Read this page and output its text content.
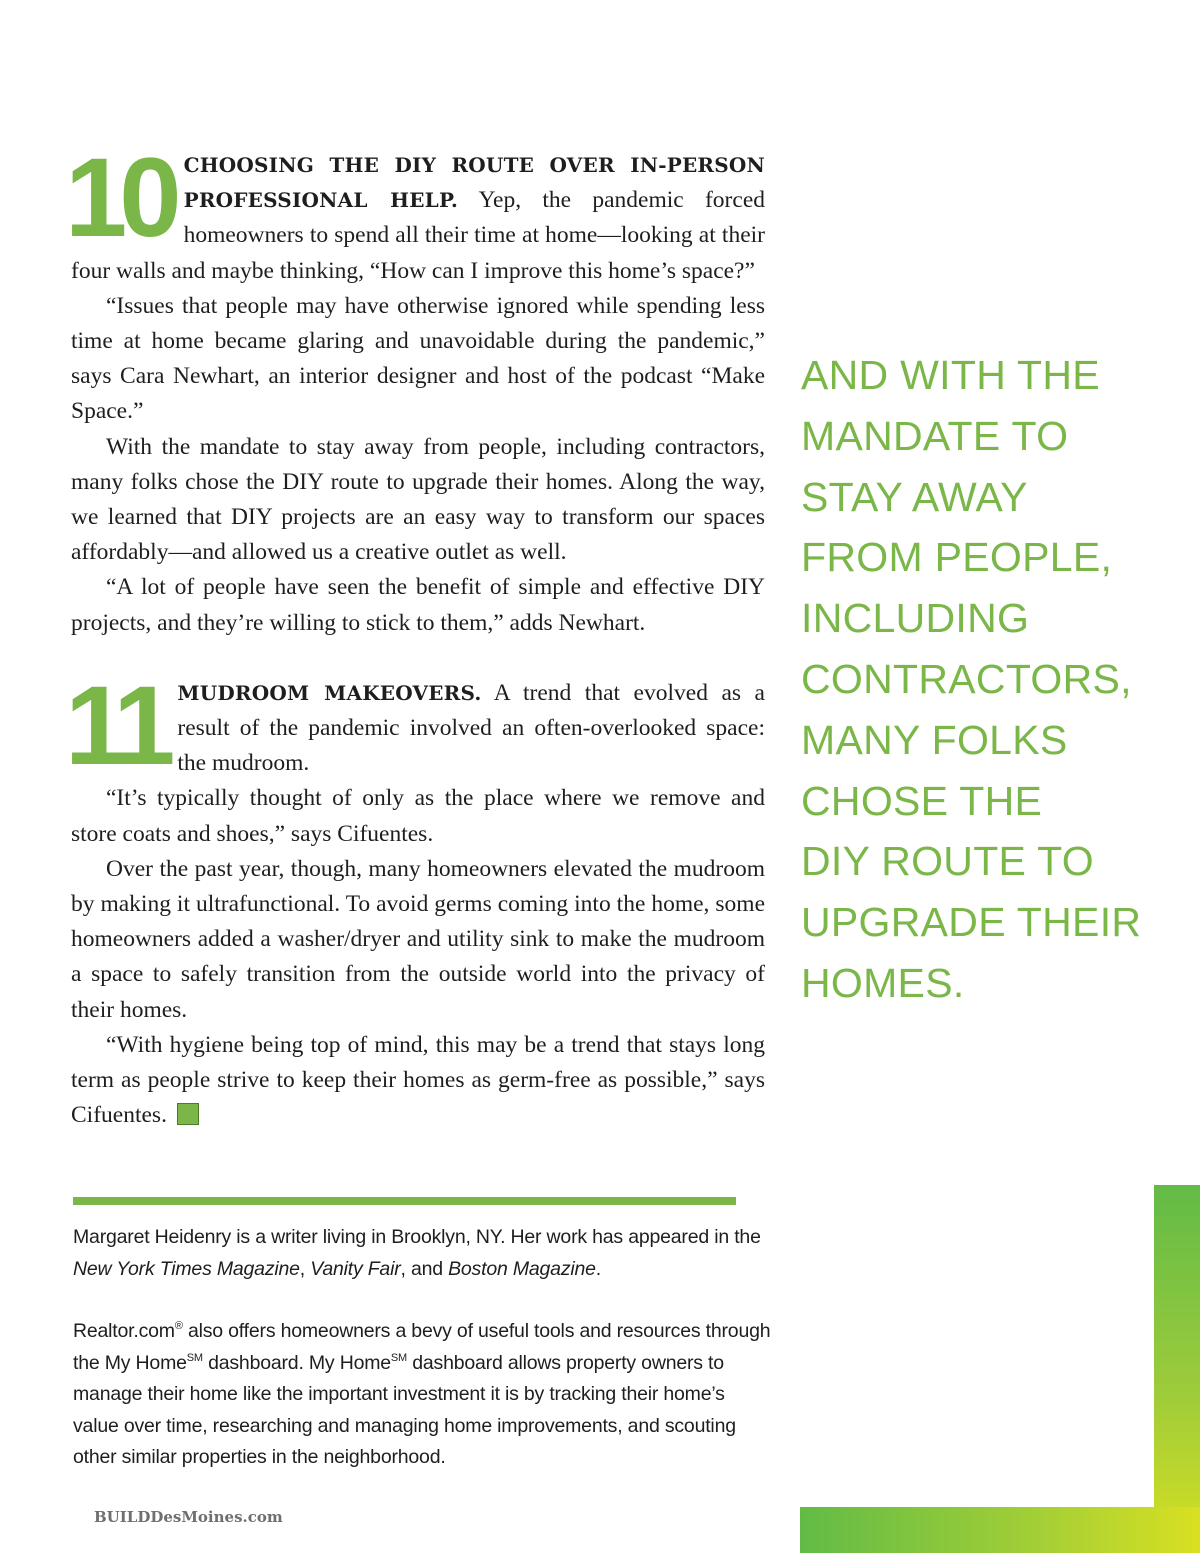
10 CHOOSING THE DIY ROUTE OVER IN-PERSON PROFESSIONAL HELP. Yep, the pandemic forced homeowners to spend all their time at home—looking at their four walls and maybe thinking, “How can I improve this home’s space?”

“Issues that people may have otherwise ignored while spending less time at home became glaring and unavoidable during the pandemic,” says Cara Newhart, an interior designer and host of the podcast “Make Space.”

With the mandate to stay away from people, including contractors, many folks chose the DIY route to upgrade their homes. Along the way, we learned that DIY projects are an easy way to transform our spaces affordably—and allowed us a creative outlet as well.

“A lot of people have seen the benefit of simple and effective DIY projects, and they’re willing to stick to them,” adds Newhart.

11 MUDROOM MAKEOVERS. A trend that evolved as a result of the pandemic involved an often-overlooked space: the mudroom.

“It’s typically thought of only as the place where we remove and store coats and shoes,” says Cifuentes.

Over the past year, though, many homeowners elevated the mudroom by making it ultrafunctional. To avoid germs coming into the home, some homeowners added a washer/dryer and utility sink to make the mudroom a space to safely transition from the outside world into the privacy of their homes.

“With hygiene being top of mind, this may be a trend that stays long term as people strive to keep their homes as germ-free as possible,” says Cifuentes.	B

Margaret Heidenry is a writer living in Brooklyn, NY. Her work has appeared in the New York Times Magazine, Vanity Fair, and Boston Magazine.

Realtor.com® also offers homeowners a bevy of useful tools and resources through the My Home℠ dashboard. My Home℠ dashboard allows property owners to manage their home like the important investment it is by tracking their home’s value over time, researching and managing home improvements, and scouting other similar properties in the neighborhood.

AND WITH THE
MANDATE TO
STAY AWAY
FROM PEOPLE,
INCLUDING
CONTRACTORS,
MANY FOLKS
CHOSE THE
DIY ROUTE TO
UPGRADE THEIR
HOMES.
BUILDDesMoines.com
